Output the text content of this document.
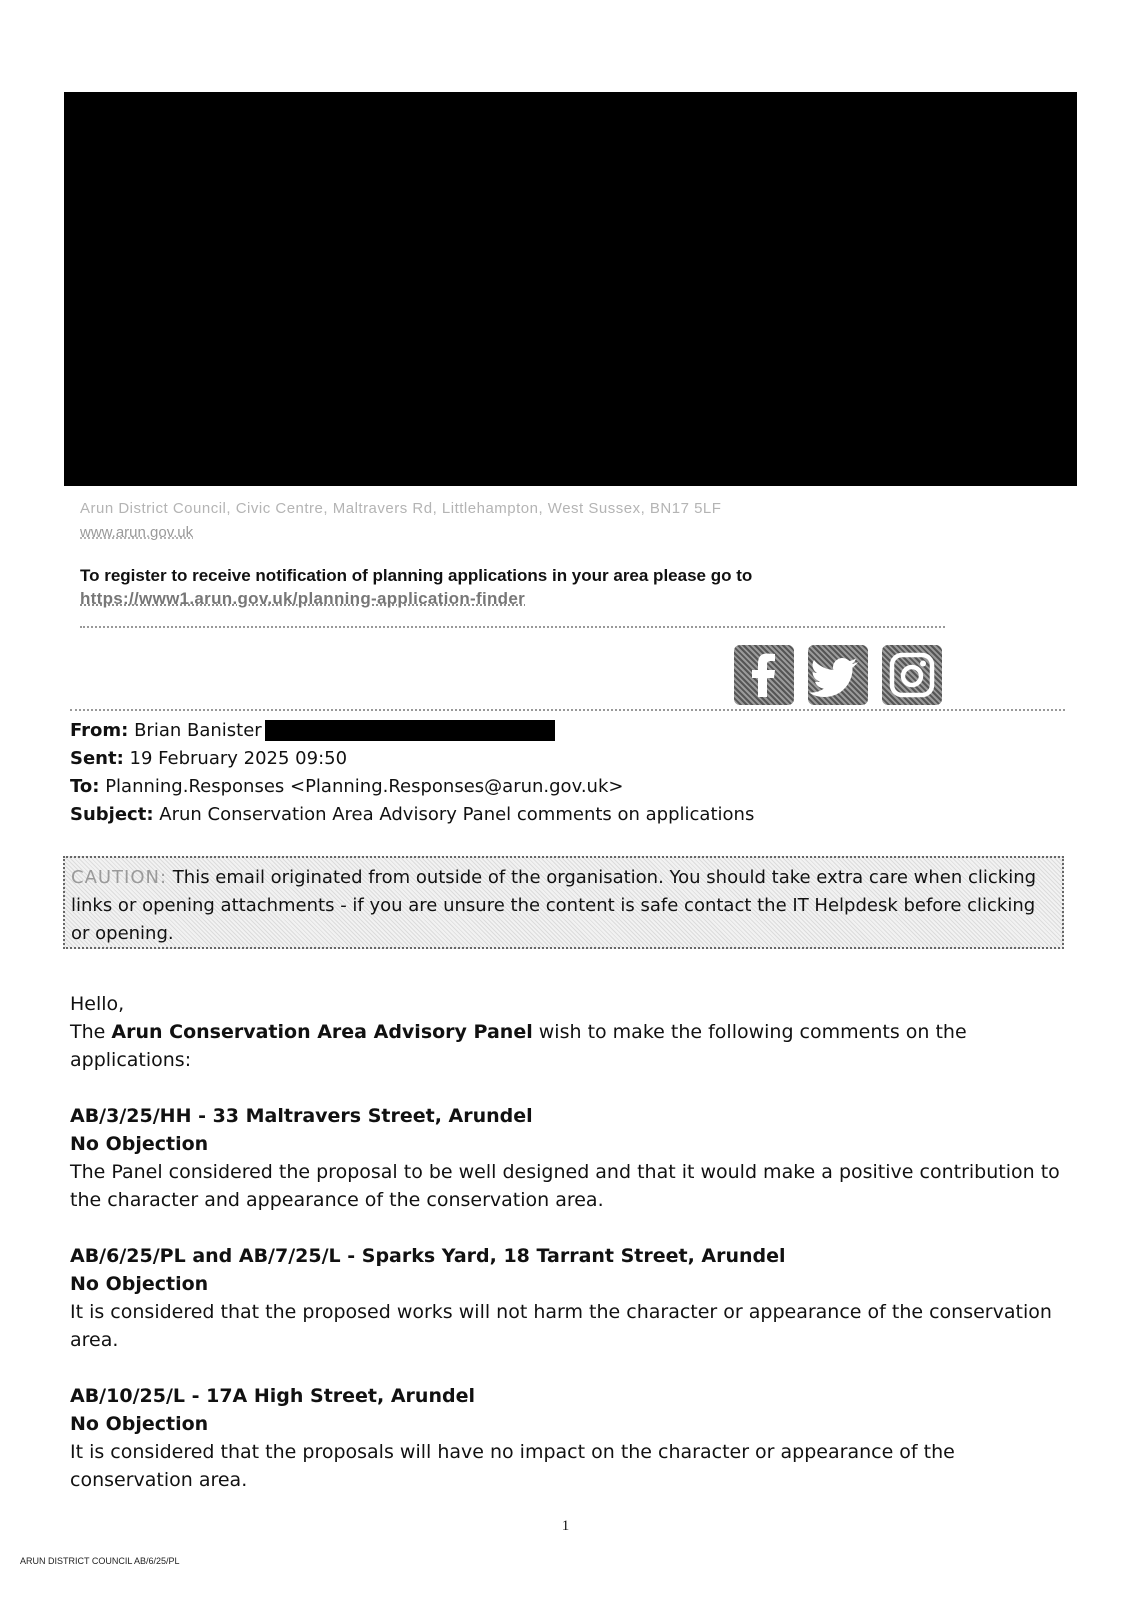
Arun District Council, Civic Centre, Maltravers Rd, Littlehampton, West Sussex, BN17 5LF
www.arun.gov.uk
To register to receive notification of planning applications in your area please go to
https://www1.arun.gov.uk/planning-application-finder
From: Brian Banister
Sent: 19 February 2025 09:50
To: Planning.Responses <Planning.Responses@arun.gov.uk>
Subject: Arun Conservation Area Advisory Panel comments on applications
CAUTION: This email originated from outside of the organisation. You should take extra care when clicking links or opening attachments - if you are unsure the content is safe contact the IT Helpdesk before clicking or opening.
Hello,
The Arun Conservation Area Advisory Panel wish to make the following comments on the applications:
AB/3/25/HH - 33 Maltravers Street, Arundel
No Objection
The Panel considered the proposal to be well designed and that it would make a positive contribution to the character and appearance of the conservation area.
AB/6/25/PL and AB/7/25/L - Sparks Yard, 18 Tarrant Street, Arundel
No Objection
It is considered that the proposed works will not harm the character or appearance of the conservation area.
AB/10/25/L - 17A High Street, Arundel
No Objection
It is considered that the proposals will have no impact on the character or appearance of the conservation area.
1
ARUN DISTRICT COUNCIL AB/6/25/PL
